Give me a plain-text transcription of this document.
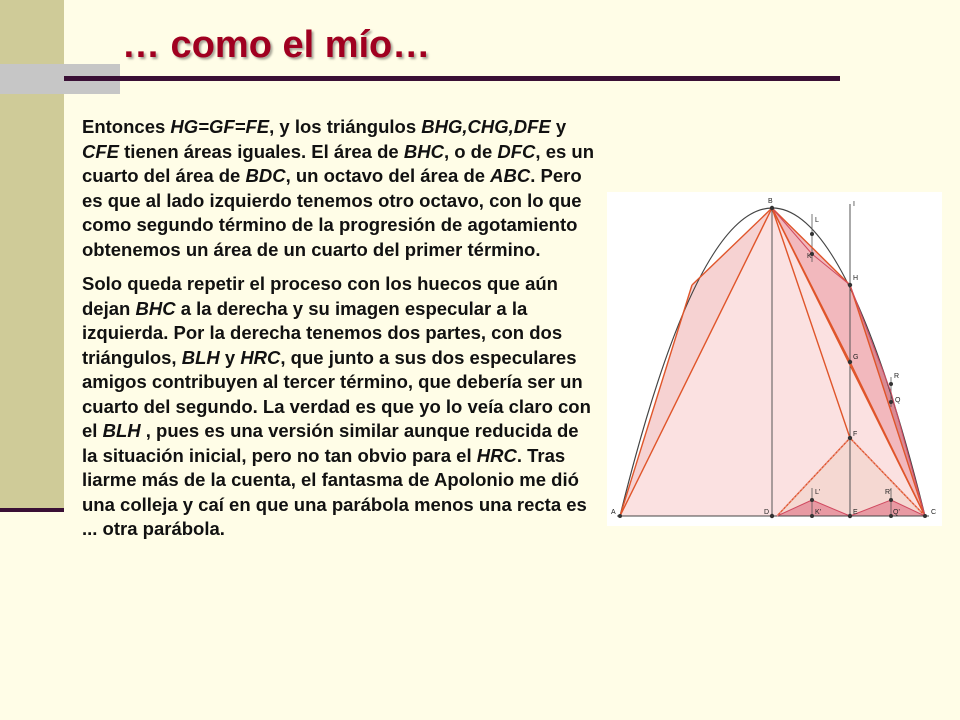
… como el mío…

Entonces HG=GF=FE, y los triángulos BHG,CHG,DFE y CFE tienen áreas iguales. El área de BHC, o de DFC, es un cuarto del área de BDC, un octavo del área de ABC. Pero es que al lado izquierdo tenemos otro octavo, con lo que como segundo término de la progresión de agotamiento obtenemos un área de un cuarto del primer término.

Solo queda repetir el proceso con los huecos que aún dejan BHC a la derecha y su imagen especular a la izquierda. Por la derecha tenemos dos partes, con dos triángulos, BLH y HRC, que junto a sus dos especulares amigos contribuyen al tercer término, que debería ser un cuarto del segundo. La verdad es que yo lo veía claro con el BLH , pues es una versión similar aunque reducida de la situación inicial, pero no tan obvio para el HRC. Tras liarme más de la cuenta, el fantasma de Apolonio me dió una colleja y caí en que una parábola menos una recta es ... otra parábola.

A
B
C
D	E
F
G
H
I
L
K
R
Q
L'
K'
R'
Q'
